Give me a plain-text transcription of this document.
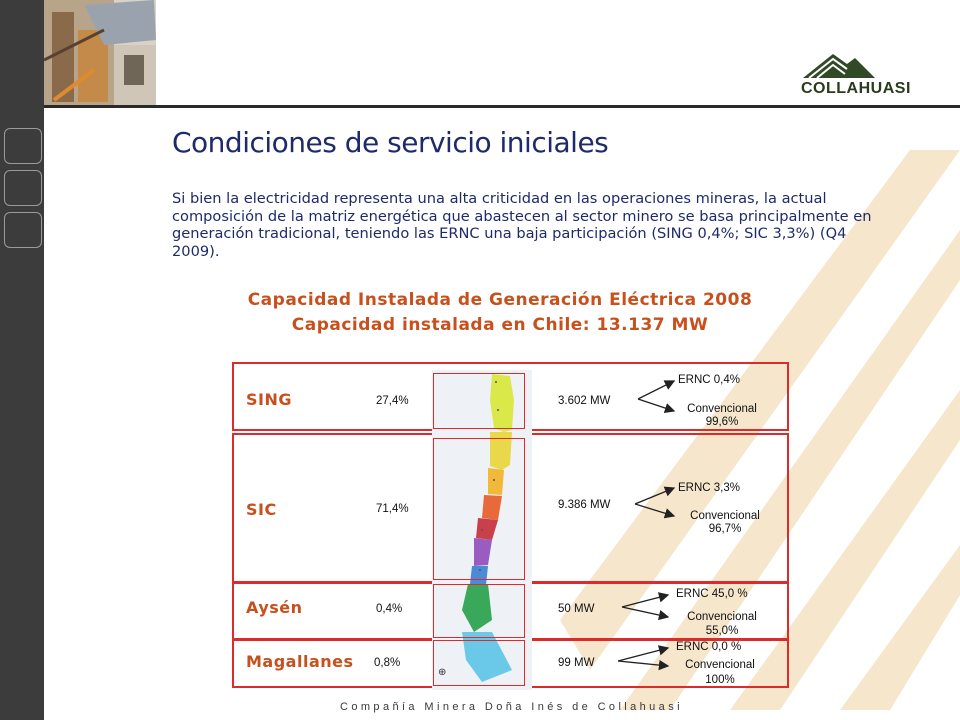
COLLAHUASI
Condiciones de servicio iniciales

Si bien la electricidad representa una alta criticidad en las operaciones mineras, la actual composición de la matriz energética que abastecen al sector minero se basa principalmente en generación tradicional, teniendo las ERNC una baja participación (SING 0,4%; SIC 3,3%) (Q4 2009).

Capacidad Instalada de Generación Eléctrica 2008
Capacidad instalada en Chile: 13.137 MW
⊕
SING	27,4%	3.602 MW
ERNC 0,4%
Convencional
99,6%
SIC	71,4%	9.386 MW
ERNC 3,3%
Convencional
96,7%
Aysén	0,4%	50 MW
ERNC 45,0 %
Convencional
55,0%
Magallanes 0,8%	99 MW
ERNC 0,0 %
Convencional
100%
Compañía Minera Doña Inés de Collahuasi
